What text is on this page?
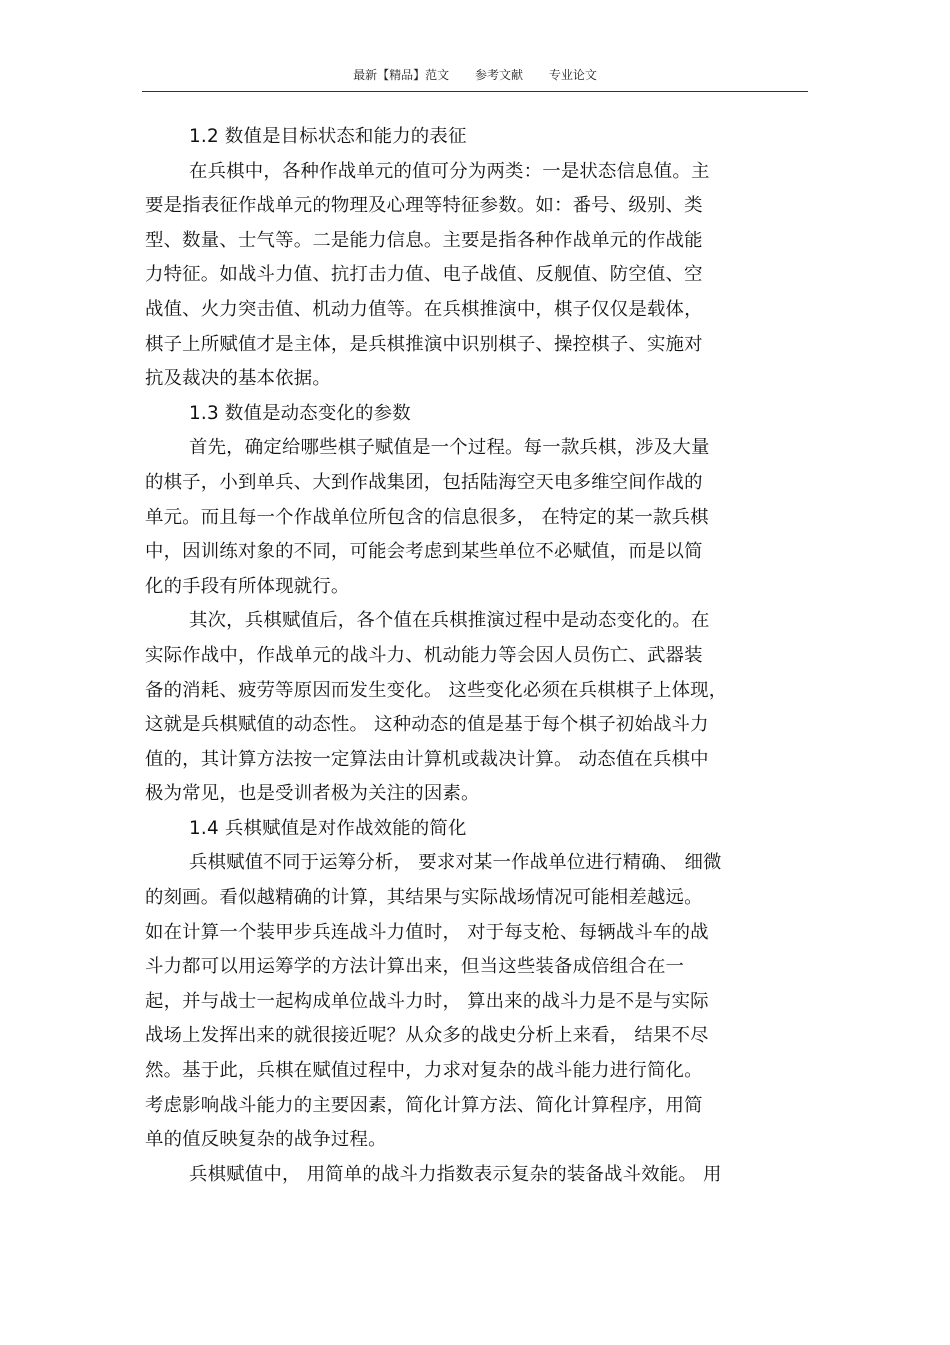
最新【精品】范文 参考文献 专业论文
1.2 数值是目标状态和能力的表征
在兵棋中，各种作战单元的值可分为两类：一是状态信息值。主
要是指表征作战单元的物理及心理等特征参数。如：番号、级别、类
型、数量、士气等。二是能力信息。主要是指各种作战单元的作战能
力特征。如战斗力值、抗打击力值、电子战值、反舰值、防空值、空
战值、火力突击值、机动力值等。在兵棋推演中，棋子仅仅是载体，
棋子上所赋值才是主体，是兵棋推演中识别棋子、操控棋子、实施对
抗及裁决的基本依据。
1.3 数值是动态变化的参数
首先，确定给哪些棋子赋值是一个过程。每一款兵棋，涉及大量
的棋子，小到单兵、大到作战集团，包括陆海空天电多维空间作战的
单元。而且每一个作战单位所包含的信息很多， 在特定的某一款兵棋
中，因训练对象的不同，可能会考虑到某些单位不必赋值，而是以简
化的手段有所体现就行。
其次，兵棋赋值后，各个值在兵棋推演过程中是动态变化的。在
实际作战中，作战单元的战斗力、机动能力等会因人员伤亡、武器装
备的消耗、疲劳等原因而发生变化。 这些变化必须在兵棋棋子上体现，
这就是兵棋赋值的动态性。 这种动态的值是基于每个棋子初始战斗力
值的，其计算方法按一定算法由计算机或裁决计算。 动态值在兵棋中
极为常见，也是受训者极为关注的因素。
1.4 兵棋赋值是对作战效能的简化
兵棋赋值不同于运筹分析， 要求对某一作战单位进行精确、 细微
的刻画。看似越精确的计算，其结果与实际战场情况可能相差越远。
如在计算一个装甲步兵连战斗力值时， 对于每支枪、每辆战斗车的战
斗力都可以用运筹学的方法计算出来，但当这些装备成倍组合在一
起，并与战士一起构成单位战斗力时， 算出来的战斗力是不是与实际
战场上发挥出来的就很接近呢？从众多的战史分析上来看， 结果不尽
然。基于此，兵棋在赋值过程中，力求对复杂的战斗能力进行简化。
考虑影响战斗能力的主要因素，简化计算方法、简化计算程序，用简
单的值反映复杂的战争过程。
兵棋赋值中， 用简单的战斗力指数表示复杂的装备战斗效能。 用
